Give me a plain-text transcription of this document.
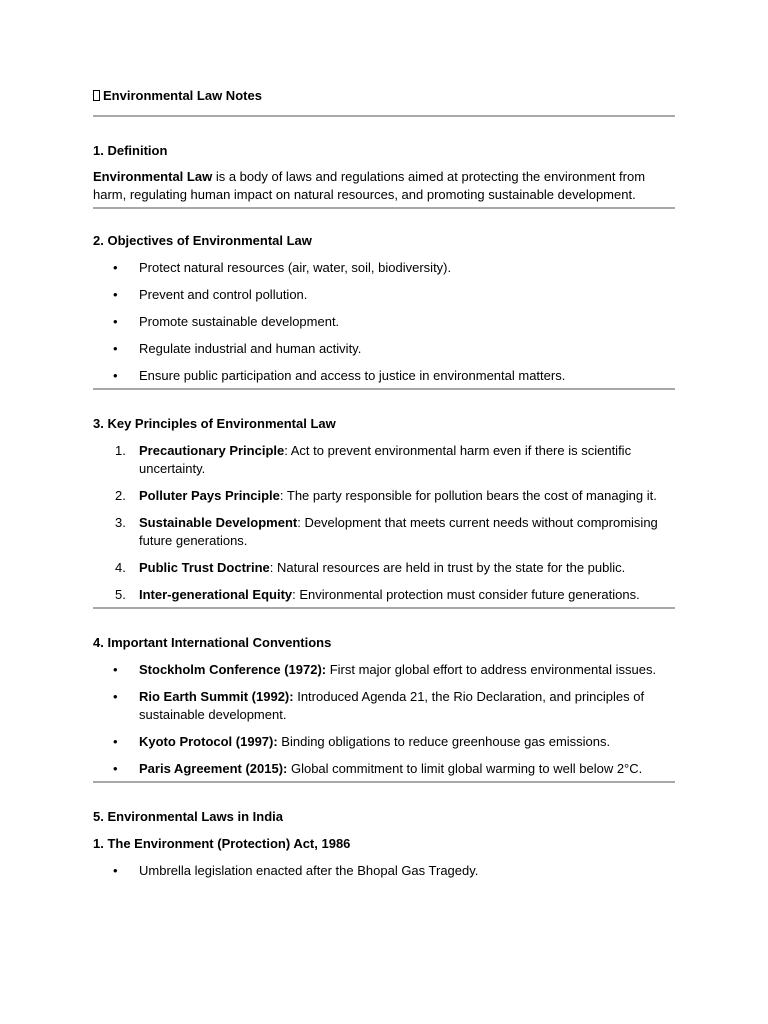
Environmental Law Notes
1. Definition

Environmental Law is a body of laws and regulations aimed at protecting the environment from harm, regulating human impact on natural resources, and promoting sustainable development.

2. Objectives of Environmental Law
• Protect natural resources (air, water, soil, biodiversity).
• Prevent and control pollution.
• Promote sustainable development.
• Regulate industrial and human activity.
• Ensure public participation and access to justice in environmental matters.
3. Key Principles of Environmental Law
1. Precautionary Principle: Act to prevent environmental harm even if there is scientific uncertainty.
2. Polluter Pays Principle: The party responsible for pollution bears the cost of managing it.
3. Sustainable Development: Development that meets current needs without compromising future generations.
4. Public Trust Doctrine: Natural resources are held in trust by the state for the public.
5. Inter-generational Equity: Environmental protection must consider future generations.
4. Important International Conventions
• Stockholm Conference (1972): First major global effort to address environmental issues.
• Rio Earth Summit (1992): Introduced Agenda 21, the Rio Declaration, and principles of sustainable development.
• Kyoto Protocol (1997): Binding obligations to reduce greenhouse gas emissions.
• Paris Agreement (2015): Global commitment to limit global warming to well below 2°C.
5. Environmental Laws in India
1. The Environment (Protection) Act, 1986
• Umbrella legislation enacted after the Bhopal Gas Tragedy.
